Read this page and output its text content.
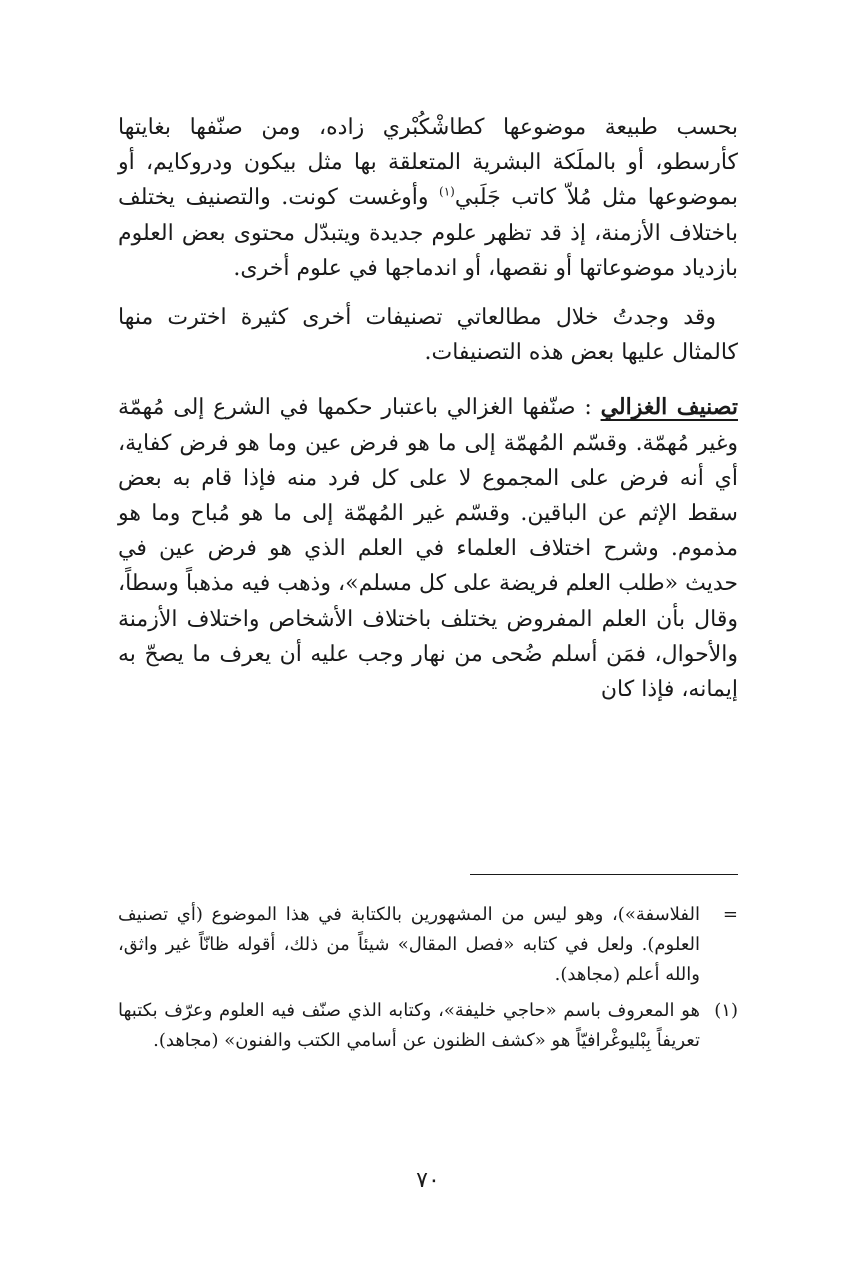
بحسب طبيعة موضوعها كطاشْكُبْري زاده، ومن صنّفها بغايتها كأرسطو، أو بالملَكة البشرية المتعلقة بها مثل بيكون ودروكايم، أو بموضوعها مثل مُلاّ كاتب جَلَبي$^{(١)}$ وأوغست كونت. والتصنيف يختلف باختلاف الأزمنة، إذ قد تظهر علوم جديدة ويتبدّل محتوى بعض العلوم بازدياد موضوعاتها أو نقصها، أو اندماجها في علوم أخرى.

وقد وجدتُ خلال مطالعاتي تصنيفات أخرى كثيرة اخترت منها كالمثال عليها بعض هذه التصنيفات.

تصنيف الغزالي : صنّفها الغزالي باعتبار حكمها في الشرع إلى مُهمّة وغير مُهمّة. وقسّم المُهمّة إلى ما هو فرض عين وما هو فرض كفاية، أي أنه فرض على المجموع لا على كل فرد منه فإذا قام به بعض سقط الإثم عن الباقين. وقسّم غير المُهمّة إلى ما هو مُباح وما هو مذموم. وشرح اختلاف العلماء في العلم الذي هو فرض عين في حديث «طلب العلم فريضة على كل مسلم»، وذهب فيه مذهباً وسطاً، وقال بأن العلم المفروض يختلف باختلاف الأشخاص واختلاف الأزمنة والأحوال، فمَن أسلم ضُحى من نهار وجب عليه أن يعرف ما يصحّ به إيمانه، فإذا كان

=
الفلاسفة»)، وهو ليس من المشهورين بالكتابة في هذا الموضوع (أي تصنيف العلوم). ولعل في كتابه «فصل المقال» شيئاً من ذلك، أقوله ظانّاً غير واثق، والله أعلم (مجاهد).

(١)
هو المعروف باسم «حاجي خليفة»، وكتابه الذي صنّف فيه العلوم وعرّف بكتبها تعريفاً بِبْليوغْرافيّاً هو «كشف الظنون عن أسامي الكتب والفنون» (مجاهد).

٧٠
